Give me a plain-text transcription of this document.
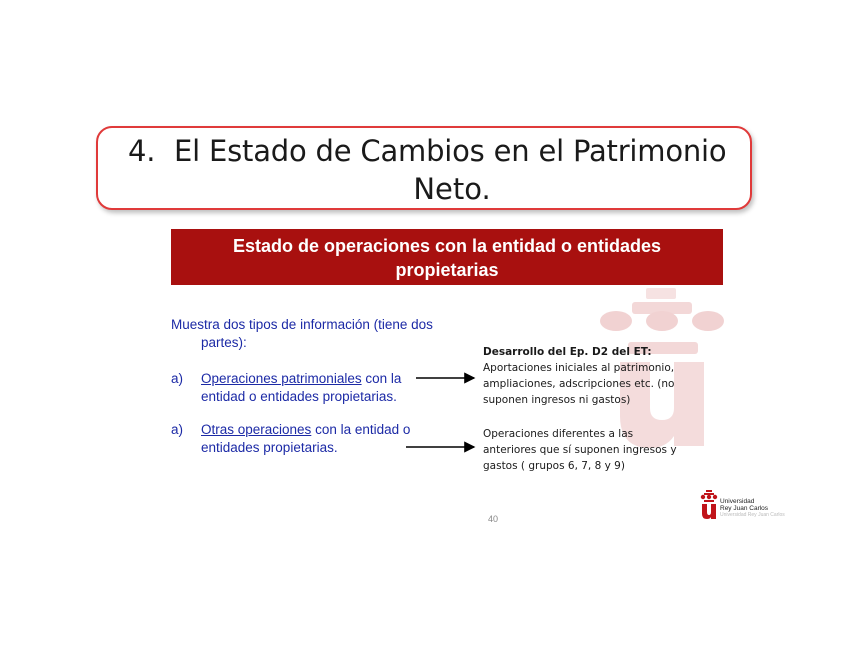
4. El Estado de Cambios en el Patrimonio
Neto.
Estado de operaciones con la entidad o entidades
propietarias
Muestra dos tipos de información (tiene dos
partes):
a) Operaciones patrimoniales con la
entidad o entidades propietarias.
a) Otras operaciones con la entidad o
entidades propietarias.
Desarrollo del Ep. D2 del ET:
Aportaciones iniciales al patrimonio,
ampliaciones, adscripciones etc. (no
suponen ingresos ni gastos)
Operaciones diferentes a las
anteriores que sí suponen ingresos y
gastos ( grupos 6, 7, 8 y 9)
40
Universidad
Rey Juan Carlos
Universidad Rey Juan Carlos
